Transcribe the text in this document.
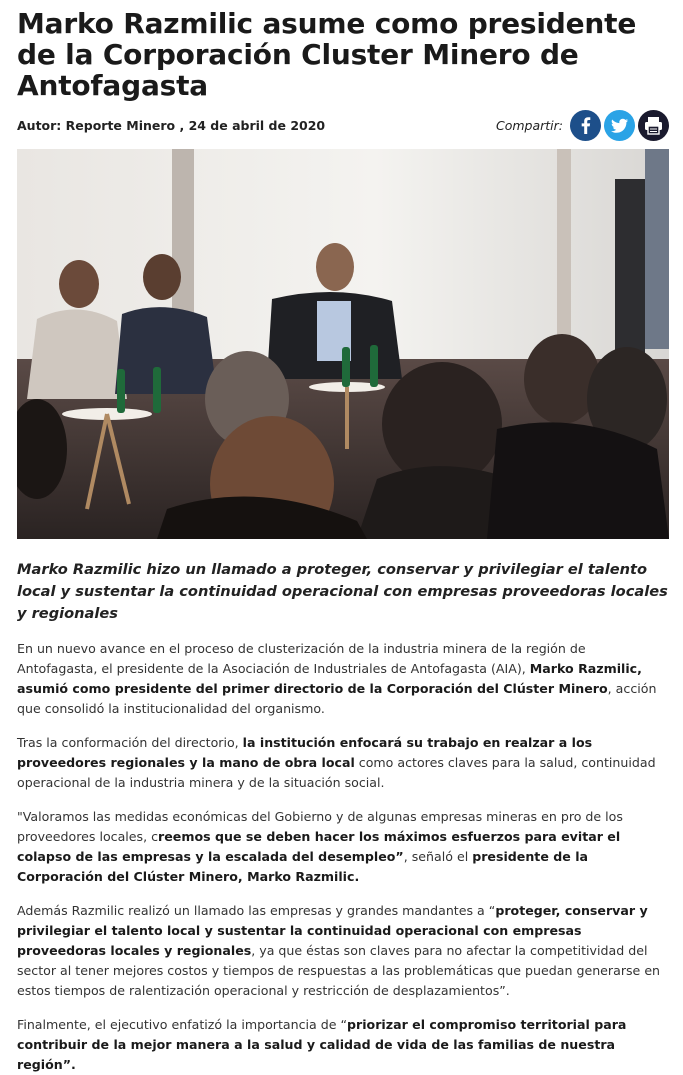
Marko Razmilic asume como presidente de la Corporación Cluster Minero de Antofagasta
Autor: Reporte Minero , 24 de abril de 2020	Compartir:

Marko Razmilic hizo un llamado a proteger, conservar y privilegiar el talento local y sustentar la continuidad operacional con empresas proveedoras locales y regionales

En un nuevo avance en el proceso de clusterización de la industria minera de la región de Antofagasta, el presidente de la Asociación de Industriales de Antofagasta (AIA), Marko Razmilic, asumió como presidente del primer directorio de la Corporación del Clúster Minero, acción que consolidó la institucionalidad del organismo.

Tras la conformación del directorio, la institución enfocará su trabajo en realzar a los proveedores regionales y la mano de obra local como actores claves para la salud, continuidad operacional de la industria minera y de la situación social.

"Valoramos las medidas económicas del Gobierno y de algunas empresas mineras en pro de los proveedores locales, creemos que se deben hacer los máximos esfuerzos para evitar el colapso de las empresas y la escalada del desempleo”, señaló el presidente de la Corporación del Clúster Minero, Marko Razmilic.

Además Razmilic realizó un llamado las empresas y grandes mandantes a “proteger, conservar y privilegiar el talento local y sustentar la continuidad operacional con empresas proveedoras locales y regionales, ya que éstas son claves para no afectar la competitividad del sector al tener mejores costos y tiempos de respuestas a las problemáticas que puedan generarse en estos tiempos de ralentización operacional y restricción de desplazamientos”.

Finalmente, el ejecutivo enfatizó la importancia de “priorizar el compromiso territorial para contribuir de la mejor manera a la salud y calidad de vida de las familias de nuestra región”.
